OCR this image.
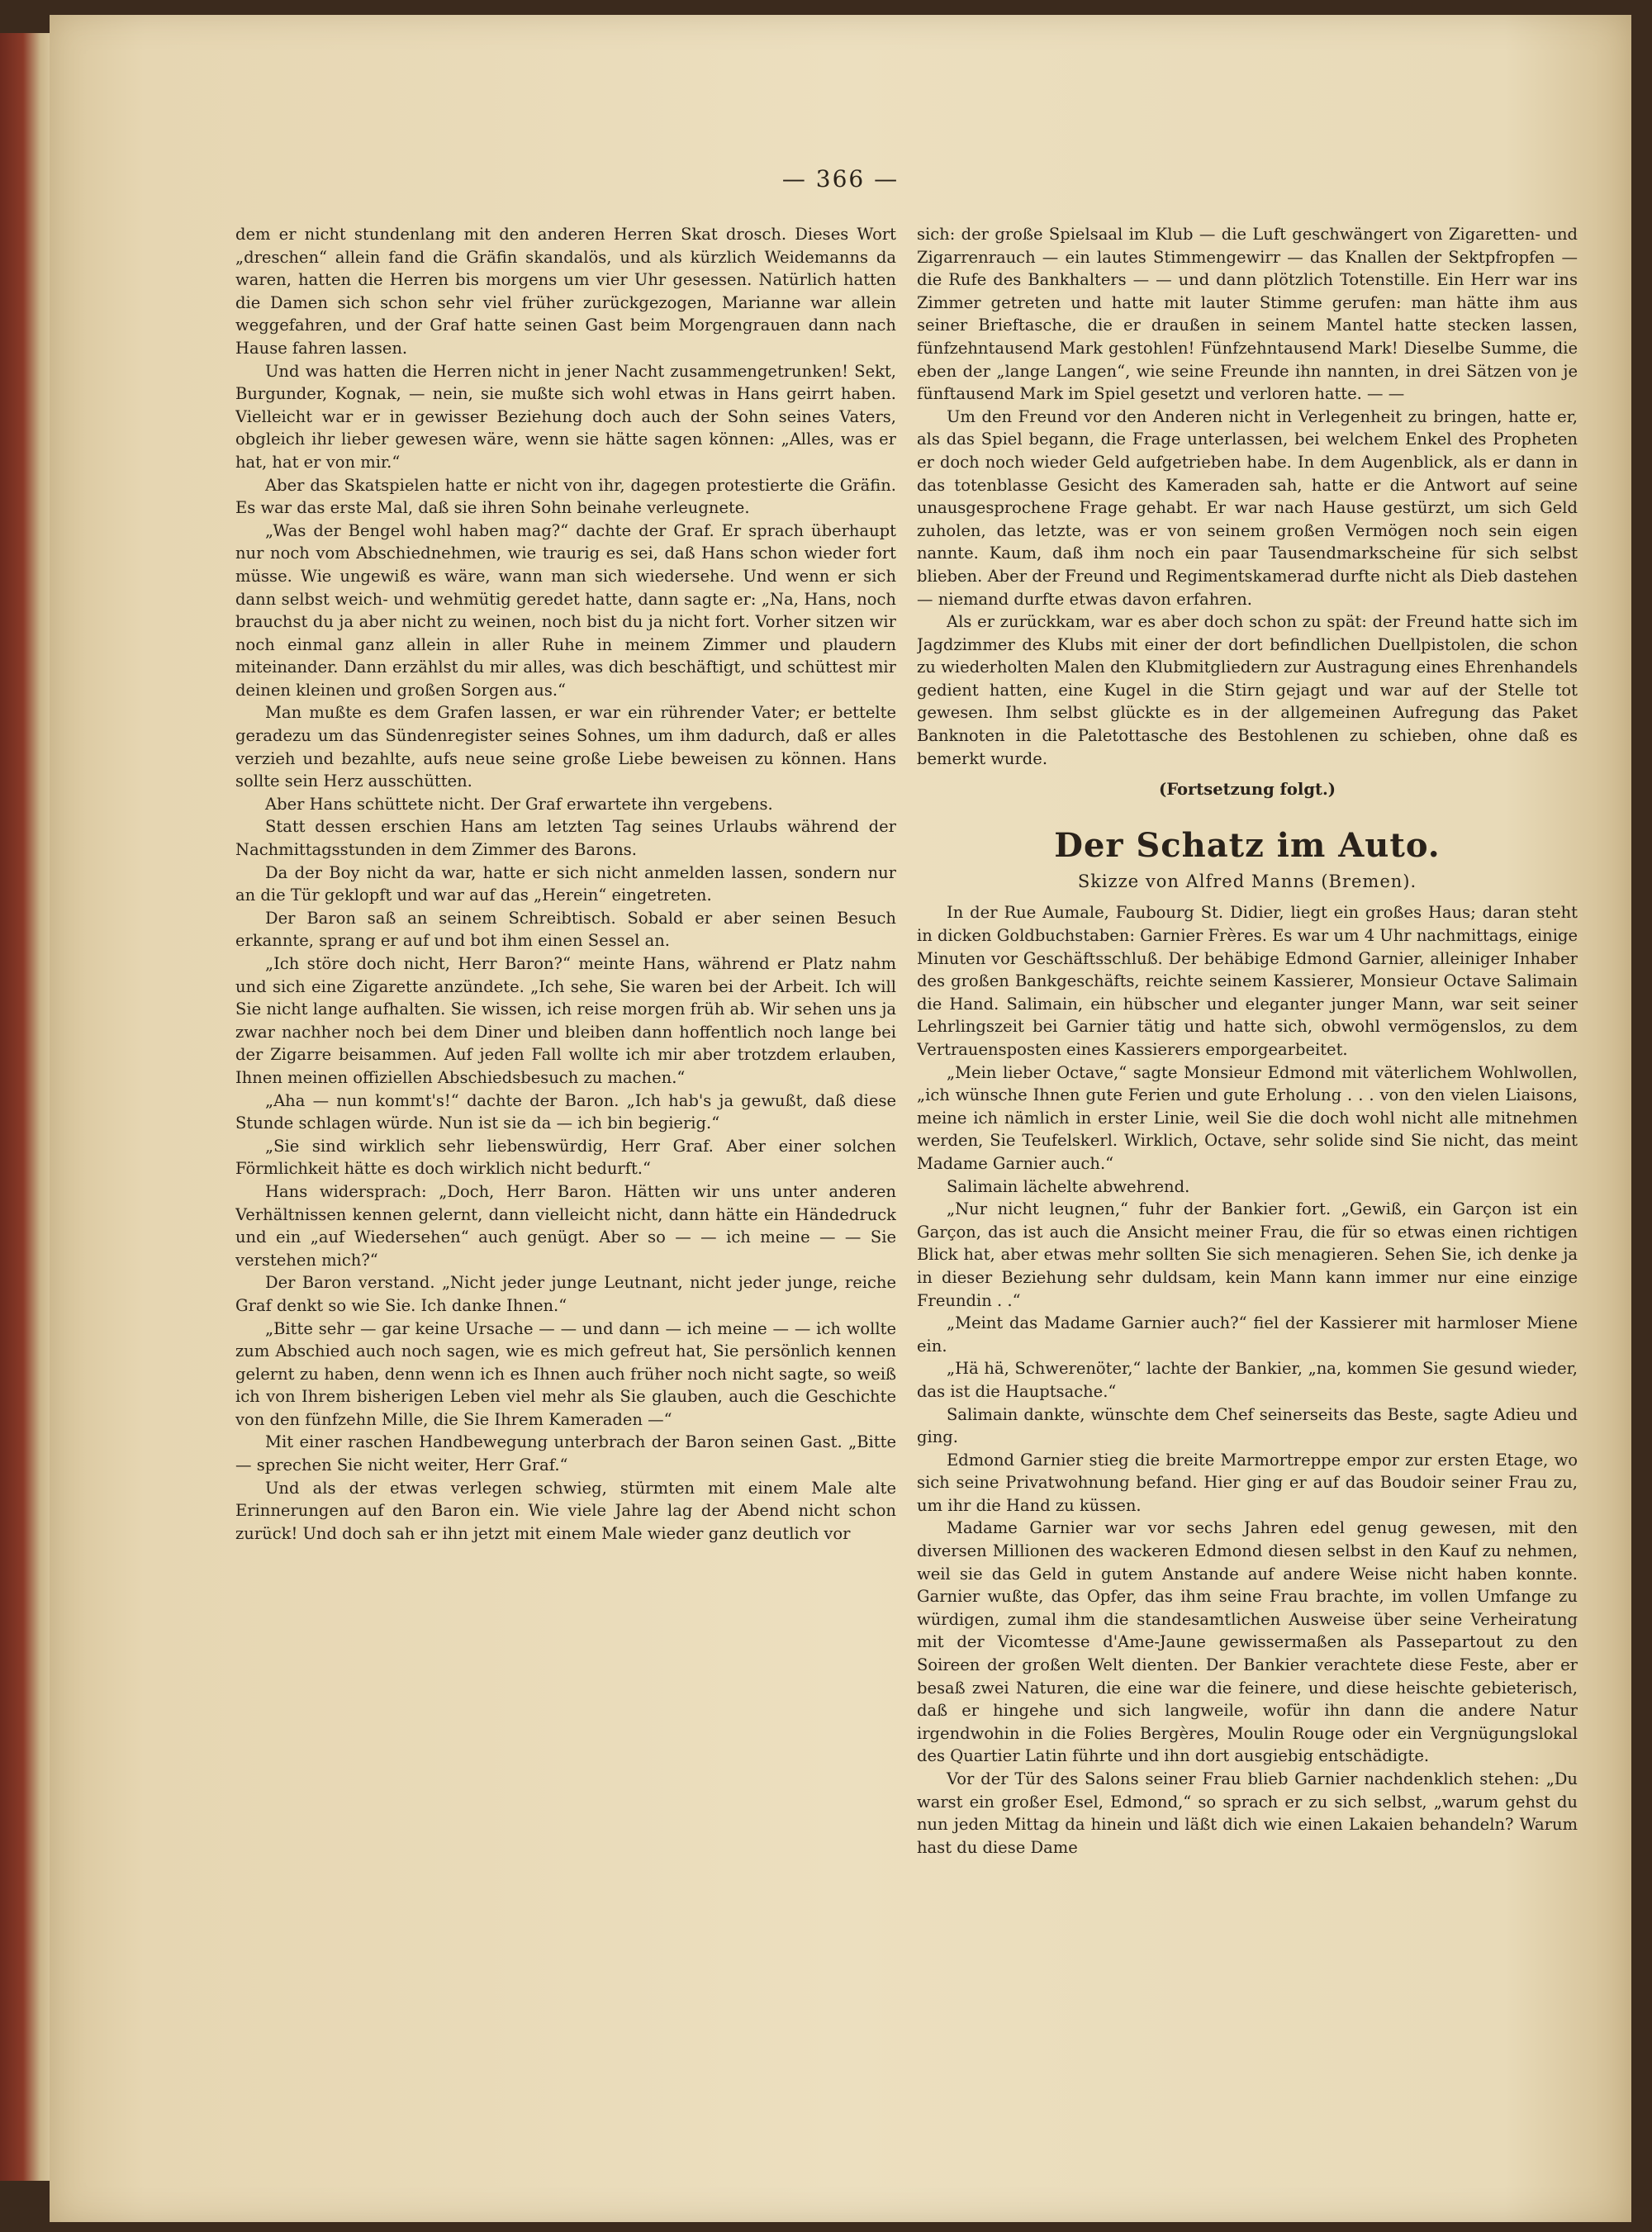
— 366 —

dem er nicht stundenlang mit den anderen Herren Skat drosch. Dieses Wort „dreschen“ allein fand die Gräfin skandalös, und als kürzlich Weidemanns da waren, hatten die Herren bis morgens um vier Uhr gesessen. Natürlich hatten die Damen sich schon sehr viel früher zurückgezogen, Marianne war allein weggefahren, und der Graf hatte seinen Gast beim Morgengrauen dann nach Hause fahren lassen.

Und was hatten die Herren nicht in jener Nacht zusammengetrunken! Sekt, Burgunder, Kognak, — nein, sie mußte sich wohl etwas in Hans geirrt haben. Vielleicht war er in gewisser Beziehung doch auch der Sohn seines Vaters, obgleich ihr lieber gewesen wäre, wenn sie hätte sagen können: „Alles, was er hat, hat er von mir.“

Aber das Skatspielen hatte er nicht von ihr, dagegen protestierte die Gräfin. Es war das erste Mal, daß sie ihren Sohn beinahe verleugnete.

„Was der Bengel wohl haben mag?“ dachte der Graf. Er sprach überhaupt nur noch vom Abschiednehmen, wie traurig es sei, daß Hans schon wieder fort müsse. Wie ungewiß es wäre, wann man sich wiedersehe. Und wenn er sich dann selbst weich- und wehmütig geredet hatte, dann sagte er: „Na, Hans, noch brauchst du ja aber nicht zu weinen, noch bist du ja nicht fort. Vorher sitzen wir noch einmal ganz allein in aller Ruhe in meinem Zimmer und plaudern miteinander. Dann erzählst du mir alles, was dich beschäftigt, und schüttest mir deinen kleinen und großen Sorgen aus.“

Man mußte es dem Grafen lassen, er war ein rührender Vater; er bettelte geradezu um das Sündenregister seines Sohnes, um ihm dadurch, daß er alles verzieh und bezahlte, aufs neue seine große Liebe beweisen zu können. Hans sollte sein Herz ausschütten.

Aber Hans schüttete nicht. Der Graf erwartete ihn vergebens.

Statt dessen erschien Hans am letzten Tag seines Urlaubs während der Nachmittagsstunden in dem Zimmer des Barons.

Da der Boy nicht da war, hatte er sich nicht anmelden lassen, sondern nur an die Tür geklopft und war auf das „Herein“ eingetreten.

Der Baron saß an seinem Schreibtisch. Sobald er aber seinen Besuch erkannte, sprang er auf und bot ihm einen Sessel an.

„Ich störe doch nicht, Herr Baron?“ meinte Hans, während er Platz nahm und sich eine Zigarette anzündete. „Ich sehe, Sie waren bei der Arbeit. Ich will Sie nicht lange aufhalten. Sie wissen, ich reise morgen früh ab. Wir sehen uns ja zwar nachher noch bei dem Diner und bleiben dann hoffentlich noch lange bei der Zigarre beisammen. Auf jeden Fall wollte ich mir aber trotzdem erlauben, Ihnen meinen offiziellen Abschiedsbesuch zu machen.“

„Aha — nun kommt's!“ dachte der Baron. „Ich hab's ja gewußt, daß diese Stunde schlagen würde. Nun ist sie da — ich bin begierig.“

„Sie sind wirklich sehr liebenswürdig, Herr Graf. Aber einer solchen Förmlichkeit hätte es doch wirklich nicht bedurft.“

Hans widersprach: „Doch, Herr Baron. Hätten wir uns unter anderen Verhältnissen kennen gelernt, dann vielleicht nicht, dann hätte ein Händedruck und ein „auf Wiedersehen“ auch genügt. Aber so — — ich meine — — Sie verstehen mich?“

Der Baron verstand. „Nicht jeder junge Leutnant, nicht jeder junge, reiche Graf denkt so wie Sie. Ich danke Ihnen.“

„Bitte sehr — gar keine Ursache — — und dann — ich meine — — ich wollte zum Abschied auch noch sagen, wie es mich gefreut hat, Sie persönlich kennen gelernt zu haben, denn wenn ich es Ihnen auch früher noch nicht sagte, so weiß ich von Ihrem bisherigen Leben viel mehr als Sie glauben, auch die Geschichte von den fünfzehn Mille, die Sie Ihrem Kameraden —“

Mit einer raschen Handbewegung unterbrach der Baron seinen Gast. „Bitte — sprechen Sie nicht weiter, Herr Graf.“

Und als der etwas verlegen schwieg, stürmten mit einem Male alte Erinnerungen auf den Baron ein. Wie viele Jahre lag der Abend nicht schon zurück! Und doch sah er ihn jetzt mit einem Male wieder ganz deutlich vor

sich: der große Spielsaal im Klub — die Luft geschwängert von Zigaretten- und Zigarrenrauch — ein lautes Stimmengewirr — das Knallen der Sektpfropfen — die Rufe des Bankhalters — — und dann plötzlich Totenstille. Ein Herr war ins Zimmer getreten und hatte mit lauter Stimme gerufen: man hätte ihm aus seiner Brieftasche, die er draußen in seinem Mantel hatte stecken lassen, fünfzehntausend Mark gestohlen! Fünfzehntausend Mark! Dieselbe Summe, die eben der „lange Langen“, wie seine Freunde ihn nannten, in drei Sätzen von je fünftausend Mark im Spiel gesetzt und verloren hatte. — —

Um den Freund vor den Anderen nicht in Verlegenheit zu bringen, hatte er, als das Spiel begann, die Frage unterlassen, bei welchem Enkel des Propheten er doch noch wieder Geld aufgetrieben habe. In dem Augenblick, als er dann in das totenblasse Gesicht des Kameraden sah, hatte er die Antwort auf seine unausgesprochene Frage gehabt. Er war nach Hause gestürzt, um sich Geld zuholen, das letzte, was er von seinem großen Vermögen noch sein eigen nannte. Kaum, daß ihm noch ein paar Tausendmarkscheine für sich selbst blieben. Aber der Freund und Regimentskamerad durfte nicht als Dieb dastehen — niemand durfte etwas davon erfahren.

Als er zurückkam, war es aber doch schon zu spät: der Freund hatte sich im Jagdzimmer des Klubs mit einer der dort befindlichen Duellpistolen, die schon zu wiederholten Malen den Klubmitgliedern zur Austragung eines Ehrenhandels gedient hatten, eine Kugel in die Stirn gejagt und war auf der Stelle tot gewesen. Ihm selbst glückte es in der allgemeinen Aufregung das Paket Banknoten in die Paletottasche des Bestohlenen zu schieben, ohne daß es bemerkt wurde.

(Fortsetzung folgt.)
Der Schatz im Auto.
Skizze von Alfred Manns (Bremen).

In der Rue Aumale, Faubourg St. Didier, liegt ein großes Haus; daran steht in dicken Goldbuchstaben: Garnier Frères. Es war um 4 Uhr nachmittags, einige Minuten vor Geschäftsschluß. Der behäbige Edmond Garnier, alleiniger Inhaber des großen Bankgeschäfts, reichte seinem Kassierer, Monsieur Octave Salimain die Hand. Salimain, ein hübscher und eleganter junger Mann, war seit seiner Lehrlingszeit bei Garnier tätig und hatte sich, obwohl vermögenslos, zu dem Vertrauensposten eines Kassierers emporgearbeitet.

„Mein lieber Octave,“ sagte Monsieur Edmond mit väterlichem Wohlwollen, „ich wünsche Ihnen gute Ferien und gute Erholung . . . von den vielen Liaisons, meine ich nämlich in erster Linie, weil Sie die doch wohl nicht alle mitnehmen werden, Sie Teufelskerl. Wirklich, Octave, sehr solide sind Sie nicht, das meint Madame Garnier auch.“

Salimain lächelte abwehrend.

„Nur nicht leugnen,“ fuhr der Bankier fort. „Gewiß, ein Garçon ist ein Garçon, das ist auch die Ansicht meiner Frau, die für so etwas einen richtigen Blick hat, aber etwas mehr sollten Sie sich menagieren. Sehen Sie, ich denke ja in dieser Beziehung sehr duldsam, kein Mann kann immer nur eine einzige Freundin . .“

„Meint das Madame Garnier auch?“ fiel der Kassierer mit harmloser Miene ein.

„Hä hä, Schwerenöter,“ lachte der Bankier, „na, kommen Sie gesund wieder, das ist die Hauptsache.“

Salimain dankte, wünschte dem Chef seinerseits das Beste, sagte Adieu und ging.

Edmond Garnier stieg die breite Marmortreppe empor zur ersten Etage, wo sich seine Privatwohnung befand. Hier ging er auf das Boudoir seiner Frau zu, um ihr die Hand zu küssen.

Madame Garnier war vor sechs Jahren edel genug gewesen, mit den diversen Millionen des wackeren Edmond diesen selbst in den Kauf zu nehmen, weil sie das Geld in gutem Anstande auf andere Weise nicht haben konnte. Garnier wußte, das Opfer, das ihm seine Frau brachte, im vollen Umfange zu würdigen, zumal ihm die standesamtlichen Ausweise über seine Verheiratung mit der Vicomtesse d'Ame-Jaune gewissermaßen als Passepartout zu den Soireen der großen Welt dienten. Der Bankier verachtete diese Feste, aber er besaß zwei Naturen, die eine war die feinere, und diese heischte gebieterisch, daß er hingehe und sich langweile, wofür ihn dann die andere Natur irgendwohin in die Folies Bergères, Moulin Rouge oder ein Vergnügungslokal des Quartier Latin führte und ihn dort ausgiebig entschädigte.

Vor der Tür des Salons seiner Frau blieb Garnier nachdenklich stehen: „Du warst ein großer Esel, Edmond,“ so sprach er zu sich selbst, „warum gehst du nun jeden Mittag da hinein und läßt dich wie einen Lakaien behandeln? Warum hast du diese Dame
